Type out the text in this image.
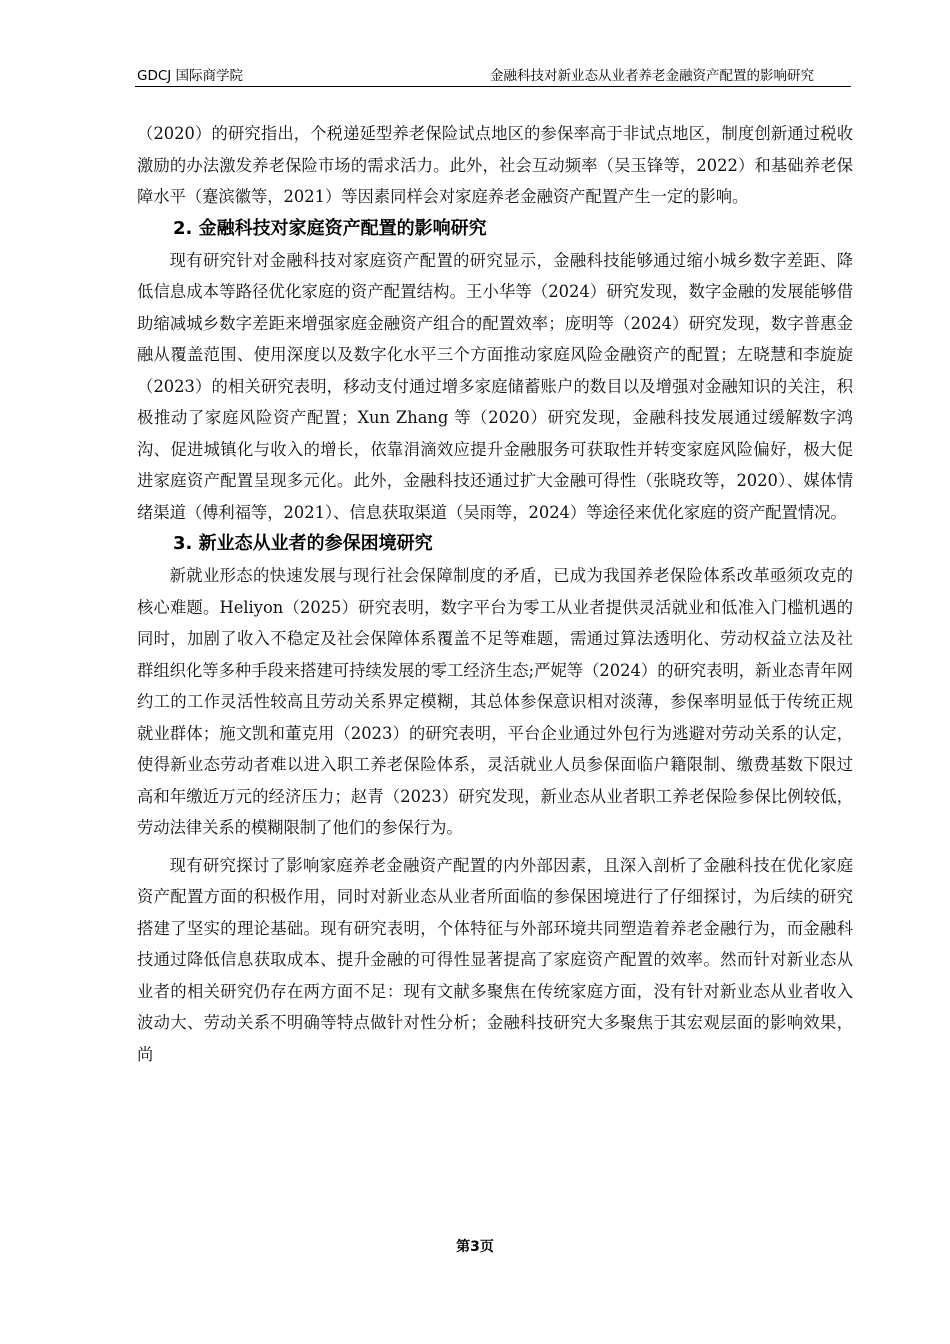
GDCJ 国际商学院	金融科技对新业态从业者养老金融资产配置的影响研究

（2020）的研究指出，个税递延型养老保险试点地区的参保率高于非试点地区，制度创新通过税收激励的办法激发养老保险市场的需求活力。此外，社会互动频率（吴玉锋等，2022）和基础养老保障水平（蹇滨徽等，2021）等因素同样会对家庭养老金融资产配置产生一定的影响。

2. 金融科技对家庭资产配置的影响研究

现有研究针对金融科技对家庭资产配置的研究显示，金融科技能够通过缩小城乡数字差距、降低信息成本等路径优化家庭的资产配置结构。王小华等（2024）研究发现，数字金融的发展能够借助缩减城乡数字差距来增强家庭金融资产组合的配置效率；庞明等（2024）研究发现，数字普惠金融从覆盖范围、使用深度以及数字化水平三个方面推动家庭风险金融资产的配置；左晓慧和李旋旋（2023）的相关研究表明，移动支付通过增多家庭储蓄账户的数目以及增强对金融知识的关注，积极推动了家庭风险资产配置；Xun Zhang 等（2020）研究发现，金融科技发展通过缓解数字鸿沟、促进城镇化与收入的增长，依靠涓滴效应提升金融服务可获取性并转变家庭风险偏好，极大促进家庭资产配置呈现多元化。此外，金融科技还通过扩大金融可得性（张晓玫等，2020）、媒体情绪渠道（傅利福等，2021）、信息获取渠道（吴雨等，2024）等途径来优化家庭的资产配置情况。

3. 新业态从业者的参保困境研究

新就业形态的快速发展与现行社会保障制度的矛盾，已成为我国养老保险体系改革亟须攻克的核心难题。Heliyon（2025）研究表明，数字平台为零工从业者提供灵活就业和低准入门槛机遇的同时，加剧了收入不稳定及社会保障体系覆盖不足等难题，需通过算法透明化、劳动权益立法及社群组织化等多种手段来搭建可持续发展的零工经济生态;严妮等（2024）的研究表明，新业态青年网约工的工作灵活性较高且劳动关系界定模糊，其总体参保意识相对淡薄，参保率明显低于传统正规就业群体；施文凯和董克用（2023）的研究表明，平台企业通过外包行为逃避对劳动关系的认定，使得新业态劳动者难以进入职工养老保险体系，灵活就业人员参保面临户籍限制、缴费基数下限过高和年缴近万元的经济压力；赵青（2023）研究发现，新业态从业者职工养老保险参保比例较低，劳动法律关系的模糊限制了他们的参保行为。

现有研究探讨了影响家庭养老金融资产配置的内外部因素，且深入剖析了金融科技在优化家庭资产配置方面的积极作用，同时对新业态从业者所面临的参保困境进行了仔细探讨，为后续的研究搭建了坚实的理论基础。现有研究表明，个体特征与外部环境共同塑造着养老金融行为，而金融科技通过降低信息获取成本、提升金融的可得性显著提高了家庭资产配置的效率。然而针对新业态从业者的相关研究仍存在两方面不足：现有文献多聚焦在传统家庭方面，没有针对新业态从业者收入波动大、劳动关系不明确等特点做针对性分析；金融科技研究大多聚焦于其宏观层面的影响效果，尚

第3页
